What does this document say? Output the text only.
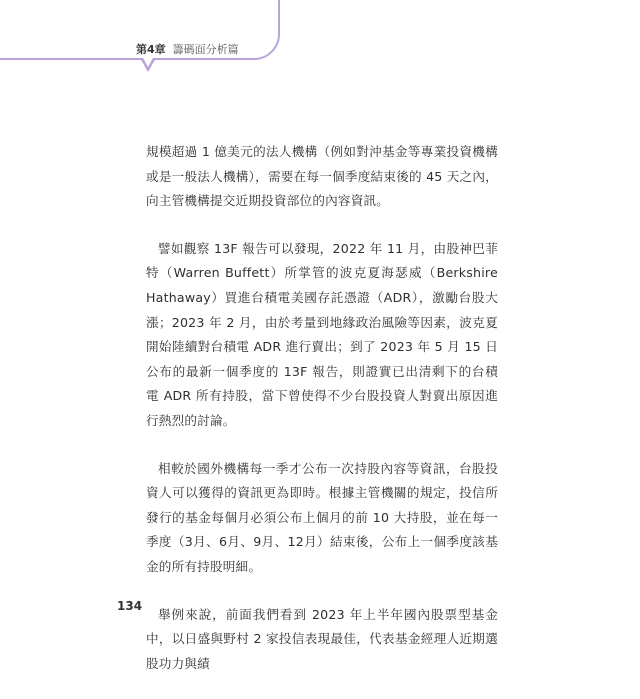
第4章 籌碼面分析篇

規模超過 1 億美元的法人機構（例如對沖基金等專業投資機構或是一般法人機構），需要在每一個季度結束後的 45 天之內，向主管機構提交近期投資部位的內容資訊。

譬如觀察 13F 報告可以發現，2022 年 11 月，由股神巴菲特（Warren Buffett）所掌管的波克夏海瑟威（Berkshire Hathaway）買進台積電美國存託憑證（ADR），激勵台股大漲；2023 年 2 月，由於考量到地緣政治風險等因素，波克夏開始陸續對台積電 ADR 進行賣出；到了 2023 年 5 月 15 日公布的最新一個季度的 13F 報告，則證實已出清剩下的台積電 ADR 所有持股，當下曾使得不少台股投資人對賣出原因進行熱烈的討論。

相較於國外機構每一季才公布一次持股內容等資訊，台股投資人可以獲得的資訊更為即時。根據主管機關的規定，投信所發行的基金每個月必須公布上個月的前 10 大持股，並在每一季度（3月、6月、9月、12月）結束後，公布上一個季度該基金的所有持股明細。

舉例來說，前面我們看到 2023 年上半年國內股票型基金中，以日盛與野村 2 家投信表現最佳，代表基金經理人近期選股功力與績

134
